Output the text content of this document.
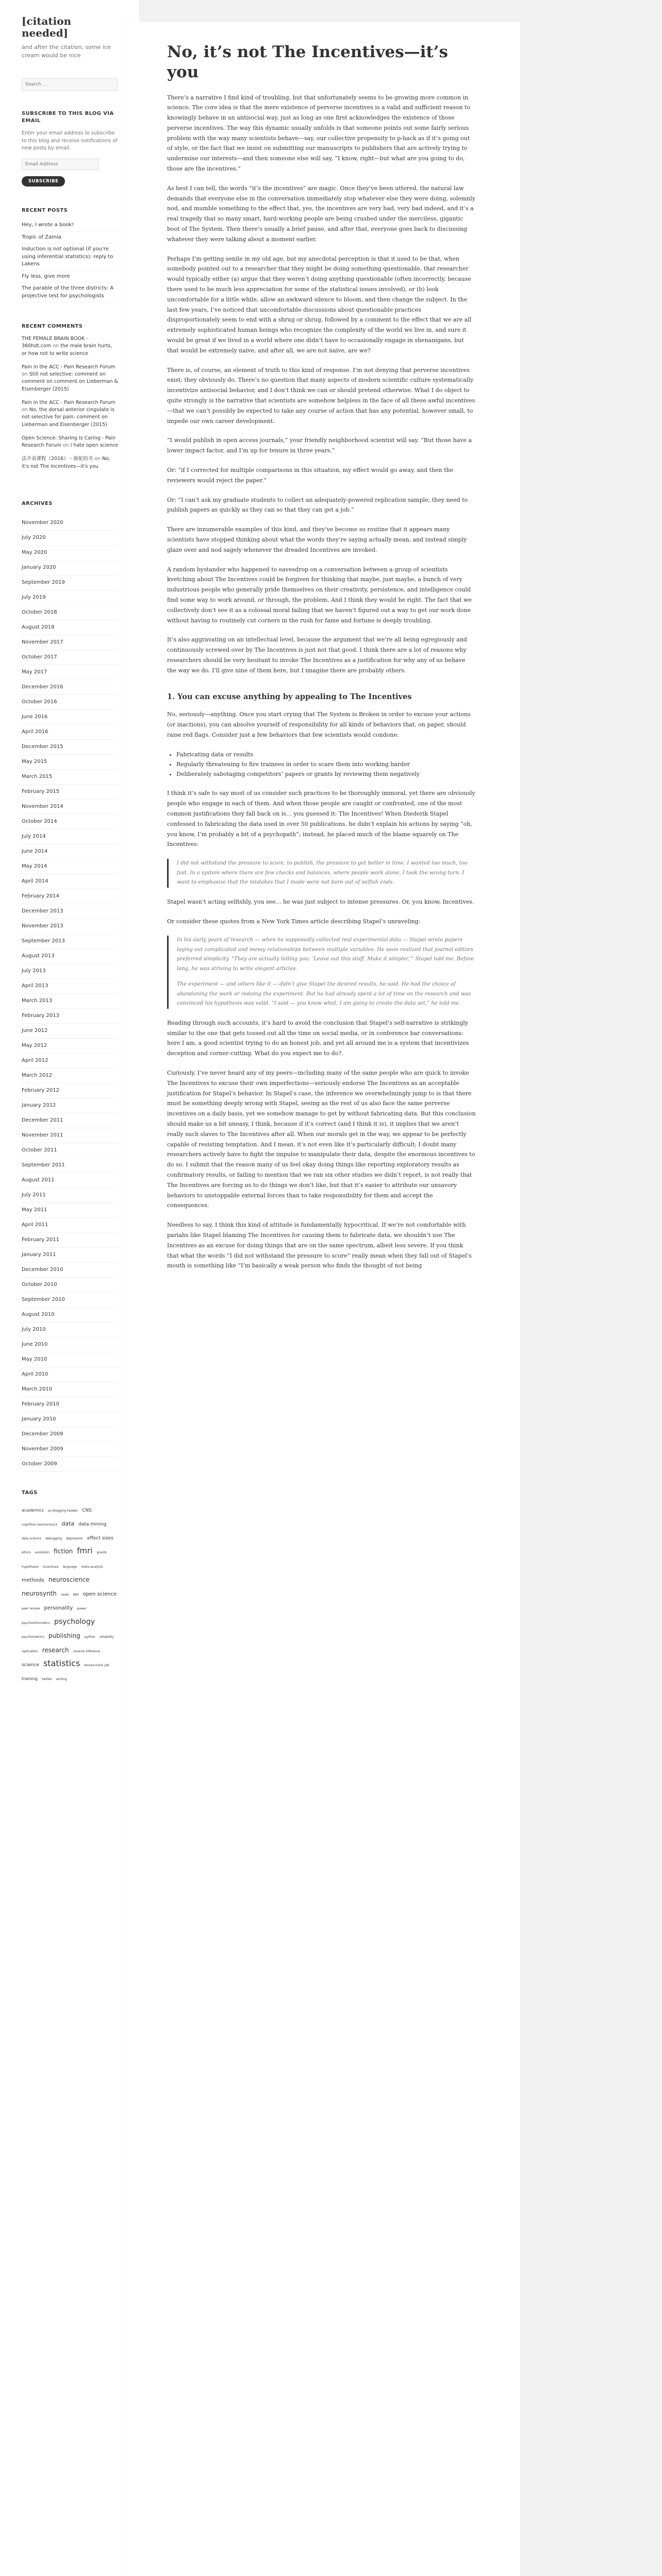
[citation needed]

and after the citation, some ice cream would be nice

Search …
SUBSCRIBE TO THIS BLOG VIA EMAIL

Enter your email address to subscribe to this blog and receive notifications of new posts by email.

Email Address SUBSCRIBE
RECENT POSTS
Hey, I wrote a book!
Tropic of Zamia
Induction is not optional (if you're using inferential statistics): reply to Lakens
Fly less, give more
The parable of the three districts: A projective test for psychologists
RECENT COMMENTS
THE FEMALE BRAIN BOOK - 360hdt.com on the male brain hurts, or how not to write science
Pain in the ACC - Pain Research Forum on Still not selective: comment on comment on comment on Lieberman & Eisenberger (2015)
Pain in the ACC - Pain Research Forum on No, the dorsal anterior cingulate is not selective for pain: comment on Lieberman and Eisenberger (2015)
Open Science: Sharing Is Caring - Pain Research Forum on I hate open science
法不责课程（2016） - 骆驼的书 on No, it's not The Incentives—it's you
ARCHIVES
November 2020
July 2020
May 2020
January 2020
September 2019
July 2019
October 2018
August 2018
November 2017
October 2017
May 2017
December 2016
October 2016
June 2016
April 2016
December 2015
May 2015
March 2015
February 2015
November 2014
October 2014
July 2014
June 2014
May 2014
April 2014
February 2014
December 2013
November 2013
September 2013
August 2013
July 2013
April 2013
March 2013
February 2013
June 2012
May 2012
April 2012
March 2012
February 2012
January 2012
December 2011
November 2011
October 2011
September 2011
August 2011
July 2011
May 2011
April 2011
February 2011
January 2011
December 2010
October 2010
September 2010
August 2010
July 2010
June 2010
May 2010
April 2010
March 2010
February 2010
January 2010
December 2009
November 2009
October 2009
TAGS
academics ay blogging header CNS cognitive neuroscience data data mining data science debugging depression effect sizes ethics evolution fiction fmri grants hypothesis incentives language meta-analysis methods neuroscience neurosynth news NIH open science peer review personality power psychoinformatics psychology psychometrics publishing python reliability replication research reverse inference science statistics tenure-track job training twitter writing
No, it’s not The Incentives—it’s you

There’s a narrative I find kind of troubling, but that unfortunately seems to be growing more common in science. The core idea is that the mere existence of perverse incentives is a valid and sufficient reason to knowingly behave in an antisocial way, just as long as one first acknowledges the existence of those perverse incentives. The way this dynamic usually unfolds is that someone points out some fairly serious problem with the way many scientists behave—say, our collective propensity to p-hack as if it’s going out of style, or the fact that we insist on submitting our manuscripts to publishers that are actively trying to undermine our interests—and then someone else will say, “I know, right—but what are you going to do, those are the incentives.”

As best I can tell, the words “it’s the incentives” are magic. Once they’ve been uttered, the natural law demands that everyone else in the conversation immediately stop whatever else they were doing, solemnly nod, and mumble something to the effect that, yes, the incentives are very bad, very bad indeed, and it’s a real tragedy that so many smart, hard-working people are being crushed under the merciless, gigantic boot of The System. Then there’s usually a brief pause, and after that, everyone goes back to discussing whatever they were talking about a moment earlier.

Perhaps I’m getting senile in my old age, but my anecdotal perception is that it used to be that, when somebody pointed out to a researcher that they might be doing something questionable, that researcher would typically either (a) argue that they weren’t doing anything questionable (often incorrectly, because there used to be much less appreciation for some of the statistical issues involved), or (b) look uncomfortable for a little while, allow an awkward silence to bloom, and then change the subject. In the last few years, I’ve noticed that uncomfortable discussions about questionable practices disproportionately seem to end with a shrug or shrug, followed by a comment to the effect that we are all extremely sophisticated human beings who recognize the complexity of the world we live in, and sure it would be great if we lived in a world where one didn’t have to occasionally engage in shenanigans, but that would be extremely naive, and after all, we are not naive, are we?

There is, of course, an element of truth to this kind of response. I’m not denying that perverse incentives exist; they obviously do. There’s no question that many aspects of modern scientific culture systematically incentivize antisocial behavior, and I don’t think we can or should pretend otherwise. What I do object to quite strongly is the narrative that scientists are somehow helpless in the face of all these awful incentives—that we can’t possibly be expected to take any course of action that has any potential, however small, to impede our own career development.

“I would publish in open access journals,” your friendly neighborhood scientist will say. “But those have a lower impact factor, and I’m up for tenure in three years.”

Or: “if I corrected for multiple comparisons in this situation, my effect would go away, and then the reviewers would reject the paper.”

Or: “I can’t ask my graduate students to collect an adequately-powered replication sample; they need to publish papers as quickly as they can so that they can get a job.”

There are innumerable examples of this kind, and they’ve become so routine that it appears many scientists have stopped thinking about what the words they’re saying actually mean, and instead simply glaze over and nod sagely whenever the dreaded Incentives are invoked.

A random bystander who happened to eavesdrop on a conversation between a group of scientists kvetching about The Incentives could be forgiven for thinking that maybe, just maybe, a bunch of very industrious people who generally pride themselves on their creativity, persistence, and intelligence could find some way to work around, or through, the problem. And I think they would be right. The fact that we collectively don’t see it as a colossal moral failing that we haven’t figured out a way to get our work done without having to routinely cut corners in the rush for fame and fortune is deeply troubling.

It’s also aggravating on an intellectual level, because the argument that we’re all being egregiously and continuously screwed over by The Incentives is just not that good. I think there are a lot of reasons why researchers should be very hesitant to invoke The Incentives as a justification for why any of us behave the way we do. I’ll give nine of them here, but I imagine there are probably others.

1. You can excuse anything by appealing to The Incentives

No, seriously—anything. Once you start crying that The System is Broken in order to excuse your actions (or inactions), you can absolve yourself of responsibility for all kinds of behaviors that, on paper, should raise red flags. Consider just a few behaviors that few scientists would condone:

• Fabricating data or results
• Regularly threatening to fire trainees in order to scare them into working harder
• Deliberately sabotaging competitors’ papers or grants by reviewing them negatively

I think it’s safe to say most of us consider such practices to be thoroughly immoral, yet there are obviously people who engage in each of them. And when those people are caught or confronted, one of the most common justifications they fall back on is… you guessed it: The Incentives! When Diederik Stapel confessed to fabricating the data used in over 50 publications, he didn’t explain his actions by saying “oh, you know, I’m probably a bit of a psychopath”; instead, he placed much of the blame squarely on The Incentives:

I did not withstand the pressure to score, to publish, the pressure to get better in time. I wanted too much, too fast. In a system where there are few checks and balances, where people work alone, I took the wrong turn. I want to emphasize that the mistakes that I made were not born out of selfish ends.

Stapel wasn’t acting selfishly, you see… he was just subject to intense pressures. Or, you know, Incentives.

Or consider these quotes from a New York Times article describing Stapel’s unraveling:

In his early years of research — when he supposedly collected real experimental data — Stapel wrote papers laying out complicated and messy relationships between multiple variables. He soon realized that journal editors preferred simplicity. “They are actually telling you: ‘Leave out this stuff. Make it simpler,’” Stapel told me. Before long, he was striving to write elegant articles.

The experiment — and others like it — didn’t give Stapel the desired results, he said. He had the choice of abandoning the work or redoing the experiment. But he had already spent a lot of time on the research and was convinced his hypothesis was valid. “I said — you know what, I am going to create the data set,” he told me.

Reading through such accounts, it’s hard to avoid the conclusion that Stapel’s self-narrative is strikingly similar to the one that gets tossed out all the time on social media, or in conference bar conversations: here I am, a good scientist trying to do an honest job, and yet all around me is a system that incentivizes deception and corner-cutting. What do you expect me to do?.

Curiously, I’ve never heard any of my peers—including many of the same people who are quick to invoke The Incentives to excuse their own imperfections—seriously endorse The Incentives as an acceptable justification for Stapel’s behavior. In Stapel’s case, the inference we overwhelmingly jump to is that there must be something deeply wrong with Stapel, seeing as the rest of us also face the same perverse incentives on a daily basis, yet we somehow manage to get by without fabricating data. But this conclusion should make us a bit uneasy, I think, because if it’s correct (and I think it is), it implies that we aren’t really such slaves to The Incentives after all. When our morals get in the way, we appear to be perfectly capable of resisting temptation. And I mean, it’s not even like it’s particularly difficult; I doubt many researchers actively have to fight the impulse to manipulate their data, despite the enormous incentives to do so. I submit that the reason many of us feel okay doing things like reporting exploratory results as confirmatory results, or failing to mention that we ran six other studies we didn’t report, is not really that The Incentives are forcing us to do things we don’t like, but that it’s easier to attribute our unsavory behaviors to unstoppable external forces than to take responsibility for them and accept the consequences.

Needless to say, I think this kind of attitude is fundamentally hypocritical. If we’re not comfortable with pariahs like Stapel blaming The Incentives for causing them to fabricate data, we shouldn’t use The Incentives as an excuse for doing things that are on the same spectrum, albeit less severe. If you think that what the words “I did not withstand the pressure to score” really mean when they fall out of Stapel’s mouth is something like “I’m basically a weak person who finds the thought of not being
